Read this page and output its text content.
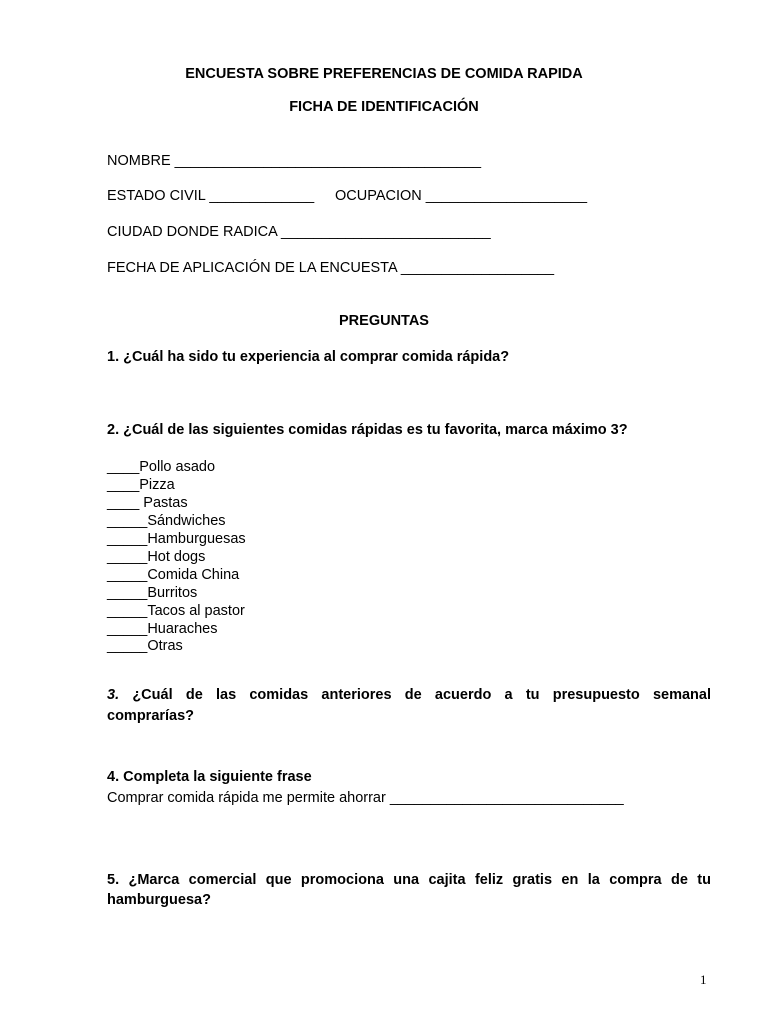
ENCUESTA SOBRE PREFERENCIAS DE COMIDA RAPIDA

FICHA DE IDENTIFICACIÓN

NOMBRE ______________________________________

ESTADO CIVIL _____________ OCUPACION ____________________

CIUDAD DONDE RADICA __________________________

FECHA DE APLICACIÓN DE LA ENCUESTA ___________________

PREGUNTAS

1. ¿Cuál ha sido tu experiencia al comprar comida rápida?

2. ¿Cuál de las siguientes comidas rápidas es tu favorita, marca máximo 3?

____Pollo asado

____Pizza

____ Pastas

_____Sándwiches

_____Hamburguesas

_____Hot dogs

_____Comida China

_____Burritos

_____Tacos al pastor

_____Huaraches

_____Otras

3. ¿Cuál de las comidas anteriores de acuerdo a tu presupuesto semanal

comprarías?

4. Completa la siguiente frase

Comprar comida rápida me permite ahorrar _____________________________

5. ¿Marca comercial que promociona una cajita feliz gratis en la compra de tu

hamburguesa?

1
